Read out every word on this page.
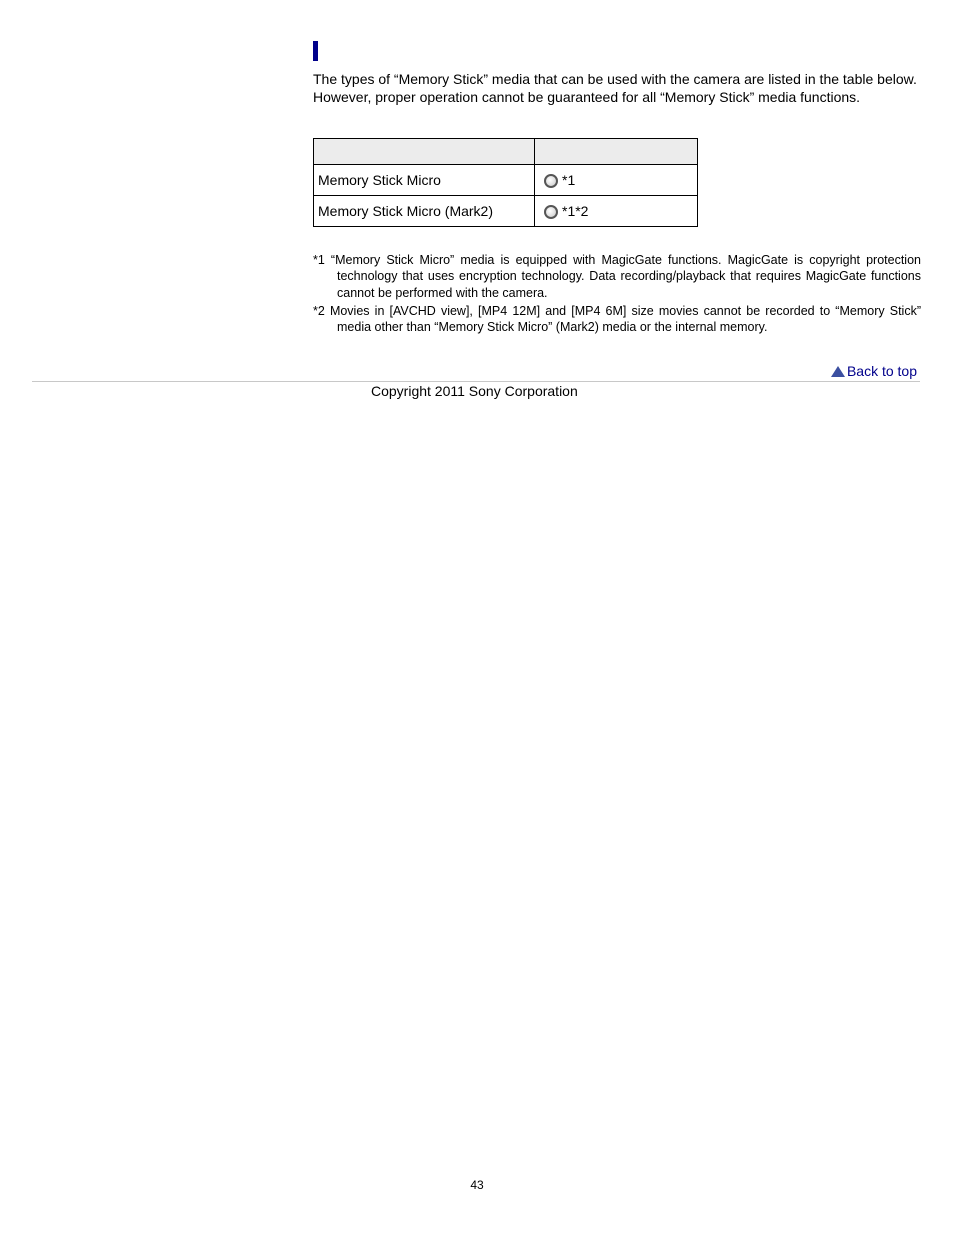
The types of “Memory Stick” media that can be used with the camera are listed in the table below. However, proper operation cannot be guaranteed for all “Memory Stick” media functions.

Memory Stick Micro	*1
Memory Stick Micro (Mark2)	*1*2

*1 “Memory Stick Micro” media is equipped with MagicGate functions. MagicGate is copyright protection technology that uses encryption technology. Data recording/playback that requires MagicGate functions cannot be performed with the camera.

*2 Movies in [AVCHD view], [MP4 12M] and [MP4 6M] size movies cannot be recorded to “Memory Stick” media other than “Memory Stick Micro” (Mark2) media or the internal memory.

Back to top
Copyright 2011 Sony Corporation
43
